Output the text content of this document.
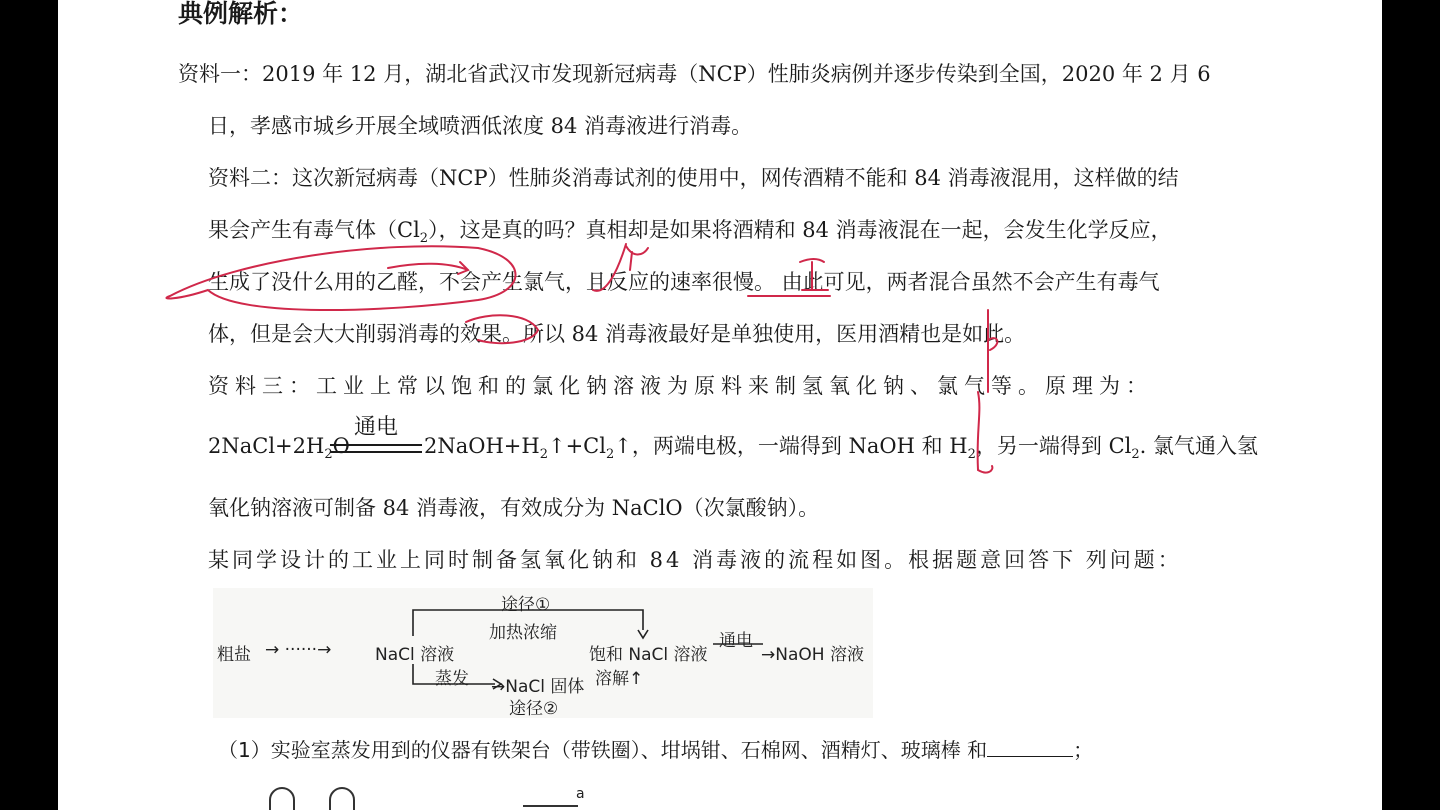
典例解析：
资料一：2019 年 12 月，湖北省武汉市发现新冠病毒（NCP）性肺炎病例并逐步传染到全国，2020 年 2 月 6
日，孝感市城乡开展全域喷洒低浓度 84 消毒液进行消毒。
资料二：这次新冠病毒（NCP）性肺炎消毒试剂的使用中，网传酒精不能和 84 消毒液混用，这样做的结
果会产生有毒气体$(Cl_2)$，这是真的吗？真相却是如果将酒精和 84 消毒液混在一起，会发生化学反应，
生成了没什么用的乙醛，不会产生氯气，且反应的速率很慢。 由此可见，两者混合虽然不会产生有毒气
体，但是会大大削弱消毒的效果。所以 84 消毒液最好是单独使用，医用酒精也是如此。
资料三：工业上常以饱和的氯化钠溶液为原料来制氢氧化钠、氯气等。原理为：
通电
$2NaCl+2H_2O$	$2NaOH+H_2↑+Cl_2↑$，两端电极，一端得到 NaOH 和 $H_2$，另一端得到 $Cl_2$. 氯气通入氢
氧化钠溶液可制备 84 消毒液，有效成分为 NaClO（次氯酸钠）。
某同学设计的工业上同时制备氢氧化钠和 84 消毒液的流程如图。根据题意回答下 列问题：
途径①
加热浓缩
粗盐 → ······→	NaCl 溶液
蒸发
饱和 NaCl 溶液
通电
→NaOH 溶液
→NaCl 固体 溶解↑
途径②
（1）实验室蒸发用到的仪器有铁架台（带铁圈）、坩埚钳、石棉网、酒精灯、玻璃棒 和	；
a
